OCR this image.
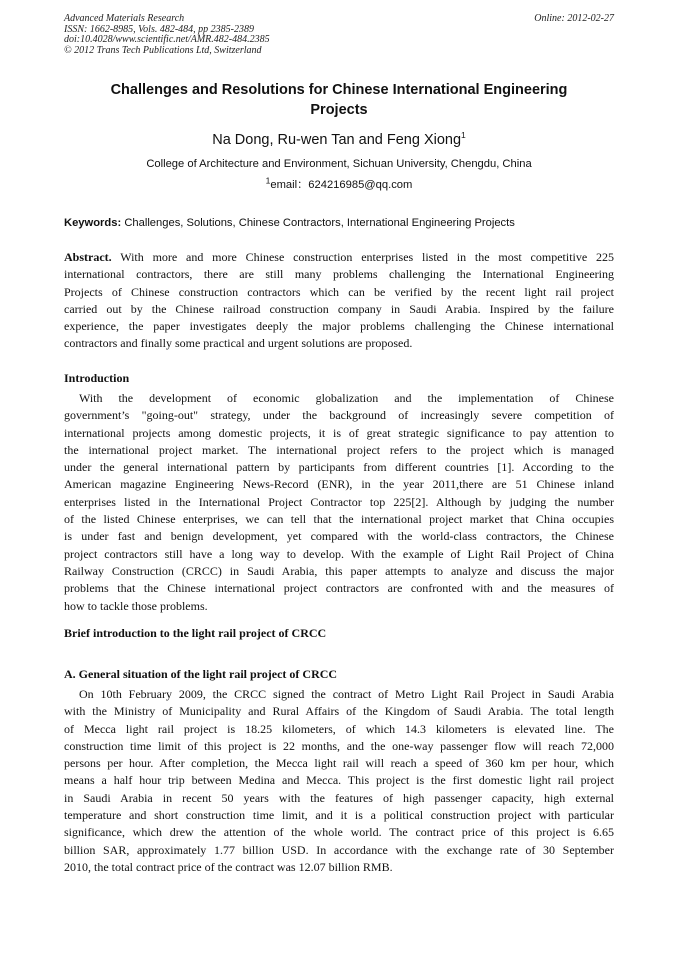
Advanced Materials Research
ISSN: 1662-8985, Vols. 482-484, pp 2385-2389
doi:10.4028/www.scientific.net/AMR.482-484.2385
© 2012 Trans Tech Publications Ltd, Switzerland
Online: 2012-02-27
Challenges and Resolutions for Chinese International Engineering
Projects
Na Dong, Ru-wen Tan and Feng Xiong$^1$
College of Architecture and Environment, Sichuan University, Chengdu, China
$^1$email：624216985@qq.com
Keywords: Challenges, Solutions, Chinese Contractors, International Engineering Projects
Abstract. With more and more Chinese construction enterprises listed in the most competitive 225
international contractors, there are still many problems challenging the International Engineering
Projects of Chinese construction contractors which can be verified by the recent light rail project
carried out by the Chinese railroad construction company in Saudi Arabia. Inspired by the failure
experience, the paper investigates deeply the major problems challenging the Chinese international
contractors and finally some practical and urgent solutions are proposed.
Introduction
With the development of economic globalization and the implementation of Chinese
government’s "going-out" strategy, under the background of increasingly severe competition of
international projects among domestic projects, it is of great strategic significance to pay attention to
the international project market. The international project refers to the project which is managed
under the general international pattern by participants from different countries [1]. According to the
American magazine Engineering News-Record (ENR), in the year 2011,there are 51 Chinese inland
enterprises listed in the International Project Contractor top 225[2]. Although by judging the number
of the listed Chinese enterprises, we can tell that the international project market that China occupies
is under fast and benign development, yet compared with the world-class contractors, the Chinese
project contractors still have a long way to develop. With the example of Light Rail Project of China
Railway Construction (CRCC) in Saudi Arabia, this paper attempts to analyze and discuss the major
problems that the Chinese international project contractors are confronted with and the measures of
how to tackle those problems.
Brief introduction to the light rail project of CRCC
A. General situation of the light rail project of CRCC
On 10th February 2009, the CRCC signed the contract of Metro Light Rail Project in Saudi Arabia
with the Ministry of Municipality and Rural Affairs of the Kingdom of Saudi Arabia. The total length
of Mecca light rail project is 18.25 kilometers, of which 14.3 kilometers is elevated line. The
construction time limit of this project is 22 months, and the one-way passenger flow will reach 72,000
persons per hour. After completion, the Mecca light rail will reach a speed of 360 km per hour, which
means a half hour trip between Medina and Mecca. This project is the first domestic light rail project
in Saudi Arabia in recent 50 years with the features of high passenger capacity, high external
temperature and short construction time limit, and it is a political construction project with particular
significance, which drew the attention of the whole world. The contract price of this project is 6.65
billion SAR, approximately 1.77 billion USD. In accordance with the exchange rate of 30 September
2010, the total contract price of the contract was 12.07 billion RMB.
